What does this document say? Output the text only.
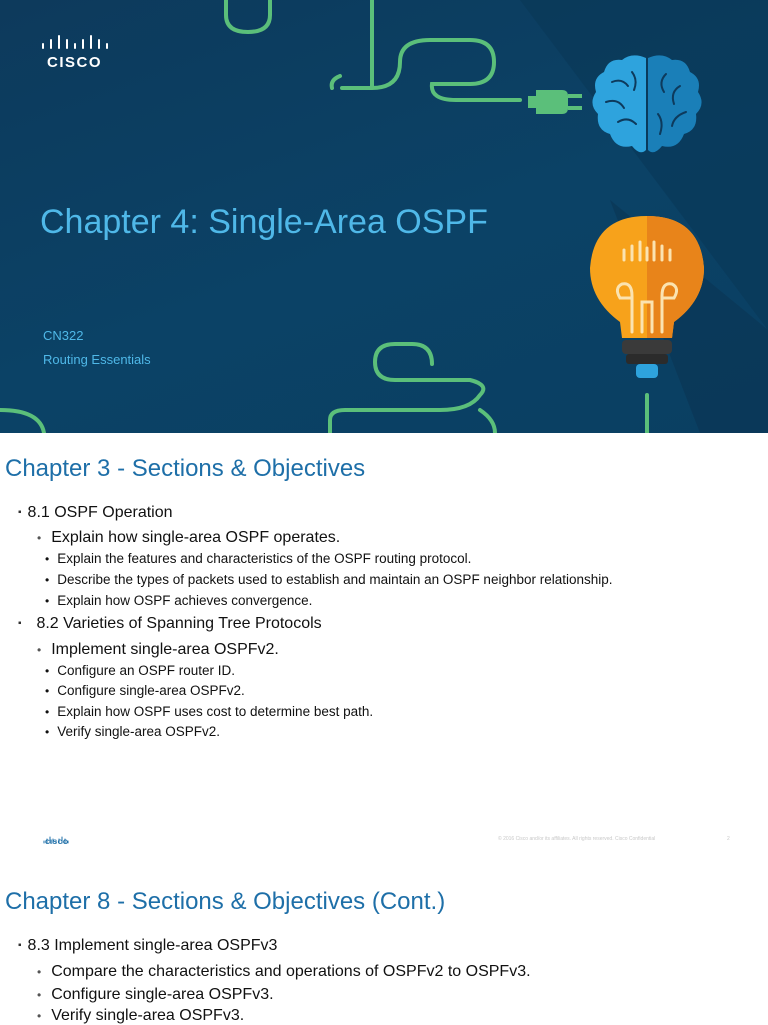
CISCO
Chapter 4: Single-Area OSPF
CN322
Routing Essentials
Chapter 3 - Sections & Objectives
▪ 8.1 OSPF Operation
• Explain how single-area OSPF operates.
• Explain the features and characteristics of the OSPF routing protocol.
• Describe the types of packets used to establish and maintain an OSPF neighbor relationship.
• Explain how OSPF achieves convergence.
▪ 8.2 Varieties of Spanning Tree Protocols
• Implement single-area OSPFv2.
• Configure an OSPF router ID.
• Configure single-area OSPFv2.
• Explain how OSPF uses cost to determine best path.
• Verify single-area OSPFv2.
CISCO	© 2016 Cisco and/or its affiliates. All rights reserved. Cisco Confidential	2
Chapter 8 - Sections & Objectives (Cont.)
▪ 8.3 Implement single-area OSPFv3
• Compare the characteristics and operations of OSPFv2 to OSPFv3.
• Configure single-area OSPFv3.
• Verify single-area OSPFv3.
